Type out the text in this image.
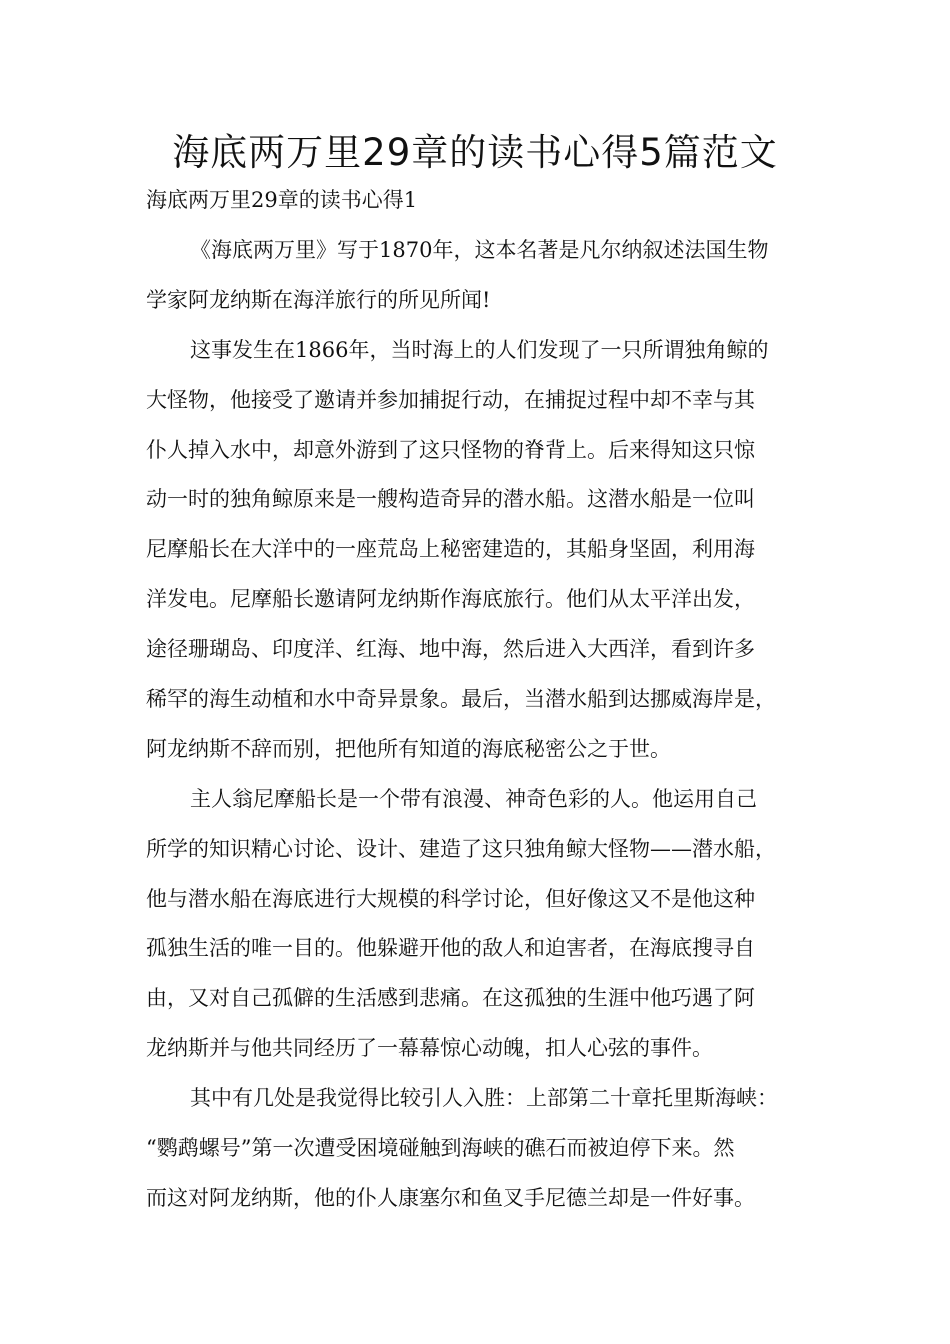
海底两万里29章的读书心得5篇范文

海底两万里29章的读书心得1

《海底两万里》写于1870年，这本名著是凡尔纳叙述法国生物
学家阿龙纳斯在海洋旅行的所见所闻!
这事发生在1866年，当时海上的人们发现了一只所谓独角鲸的
大怪物，他接受了邀请并参加捕捉行动，在捕捉过程中却不幸与其
仆人掉入水中，却意外游到了这只怪物的脊背上。后来得知这只惊
动一时的独角鲸原来是一艘构造奇异的潜水船。这潜水船是一位叫
尼摩船长在大洋中的一座荒岛上秘密建造的，其船身坚固，利用海
洋发电。尼摩船长邀请阿龙纳斯作海底旅行。他们从太平洋出发，
途径珊瑚岛、印度洋、红海、地中海，然后进入大西洋，看到许多
稀罕的海生动植和水中奇异景象。最后，当潜水船到达挪威海岸是，
阿龙纳斯不辞而别，把他所有知道的海底秘密公之于世。
主人翁尼摩船长是一个带有浪漫、神奇色彩的人。他运用自己
所学的知识精心讨论、设计、建造了这只独角鲸大怪物——潜水船，
他与潜水船在海底进行大规模的科学讨论，但好像这又不是他这种
孤独生活的唯一目的。他躲避开他的敌人和迫害者，在海底搜寻自
由，又对自己孤僻的生活感到悲痛。在这孤独的生涯中他巧遇了阿
龙纳斯并与他共同经历了一幕幕惊心动魄，扣人心弦的事件。
其中有几处是我觉得比较引人入胜：上部第二十章托里斯海峡：
“鹦鹉螺号”第一次遭受困境碰触到海峡的礁石而被迫停下来。然
而这对阿龙纳斯，他的仆人康塞尔和鱼叉手尼德兰却是一件好事。
